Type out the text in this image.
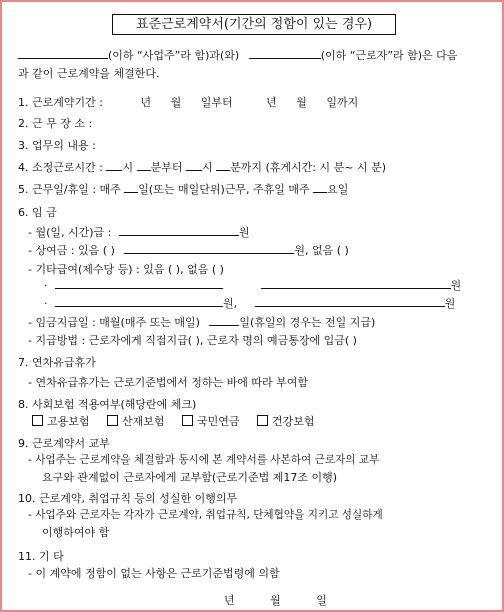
표준근로계약서(기간의 정함이 있는 경우)
(이하 “사업주”라 함)과(와)	(이하 “근로자”라 함)은 다음
과 같이 근로계약을 체결한다.
1. 근로계약기간 :	년 월 일부터	년 월 일까지
2. 근 무 장 소 :
3. 업무의 내용 :
4. 소정근로시간 : 시 분부터 시 분까지 (휴게시간: 시 분~ 시 분)
5. 근무일/휴일 : 매주 일(또는 매일단위)근무, 주휴일 매주 요일
6. 임 금
- 월(일, 시간)급 :	원
- 상여금 : 있음 ( )	원, 없음 ( )
- 기타급여(제수당 등) : 있음 ( ), 없음 ( )
·	원
·	원,	원
- 임금지급일 : 매월(매주 또는 매일)	일(휴일의 경우는 전일 지급)
- 지급방법 : 근로자에게 직접지급( ), 근로자 명의 예금통장에 입금( )
7. 연차유급휴가
- 연차유급휴가는 근로기준법에서 정하는 바에 따라 부여함
8. 사회보험 적용여부(해당란에 체크)
고용보험	산재보험	국민연금	건강보험
9. 근로계약서 교부
- 사업주는 근로계약을 체결함과 동시에 본 계약서를 사본하여 근로자의 교부
요구와 관계없이 근로자에게 교부함(근로기준법 제17조 이행)
10. 근로계약, 취업규칙 등의 성실한 이행의무
- 사업주와 근로자는 각자가 근로계약, 취업규칙, 단체협약을 지키고 성실하게
이행하여야 함
11. 기 타
- 이 계약에 정함이 없는 사항은 근로기준법령에 의함
년	월	일
